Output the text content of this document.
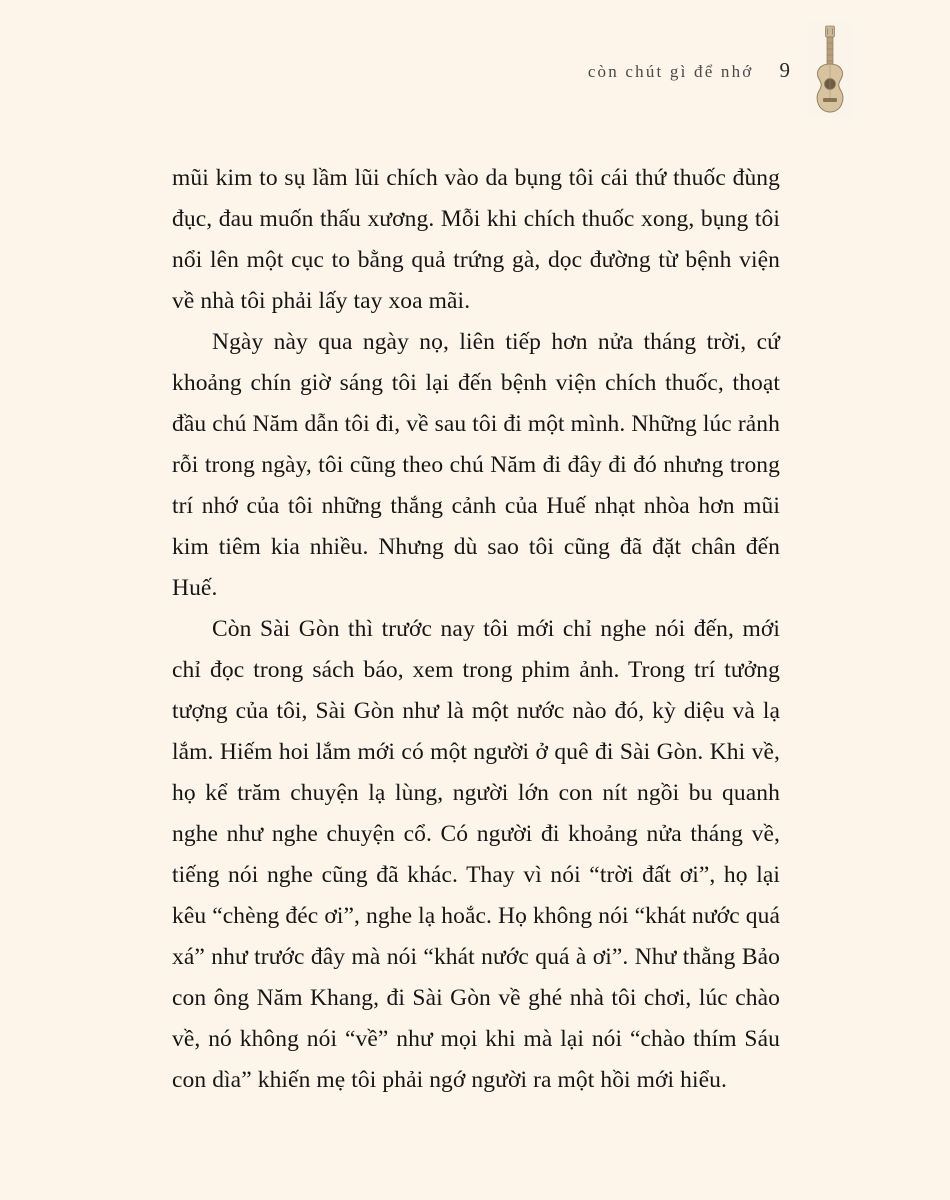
còn chút gì để nhớ 9

mũi kim to sụ lầm lũi chích vào da bụng tôi cái thứ thuốc đùng đục, đau muốn thấu xương. Mỗi khi chích thuốc xong, bụng tôi nổi lên một cục to bằng quả trứng gà, dọc đường từ bệnh viện về nhà tôi phải lấy tay xoa mãi.

Ngày này qua ngày nọ, liên tiếp hơn nửa tháng trời, cứ khoảng chín giờ sáng tôi lại đến bệnh viện chích thuốc, thoạt đầu chú Năm dẫn tôi đi, về sau tôi đi một mình. Những lúc rảnh rỗi trong ngày, tôi cũng theo chú Năm đi đây đi đó nhưng trong trí nhớ của tôi những thắng cảnh của Huế nhạt nhòa hơn mũi kim tiêm kia nhiều. Nhưng dù sao tôi cũng đã đặt chân đến Huế.

Còn Sài Gòn thì trước nay tôi mới chỉ nghe nói đến, mới chỉ đọc trong sách báo, xem trong phim ảnh. Trong trí tưởng tượng của tôi, Sài Gòn như là một nước nào đó, kỳ diệu và lạ lắm. Hiếm hoi lắm mới có một người ở quê đi Sài Gòn. Khi về, họ kể trăm chuyện lạ lùng, người lớn con nít ngồi bu quanh nghe như nghe chuyện cổ. Có người đi khoảng nửa tháng về, tiếng nói nghe cũng đã khác. Thay vì nói “trời đất ơi”, họ lại kêu “chèng đéc ơi”, nghe lạ hoắc. Họ không nói “khát nước quá xá” như trước đây mà nói “khát nước quá à ơi”. Như thằng Bảo con ông Năm Khang, đi Sài Gòn về ghé nhà tôi chơi, lúc chào về, nó không nói “về” như mọi khi mà lại nói “chào thím Sáu con dìa” khiến mẹ tôi phải ngớ người ra một hồi mới hiểu.
